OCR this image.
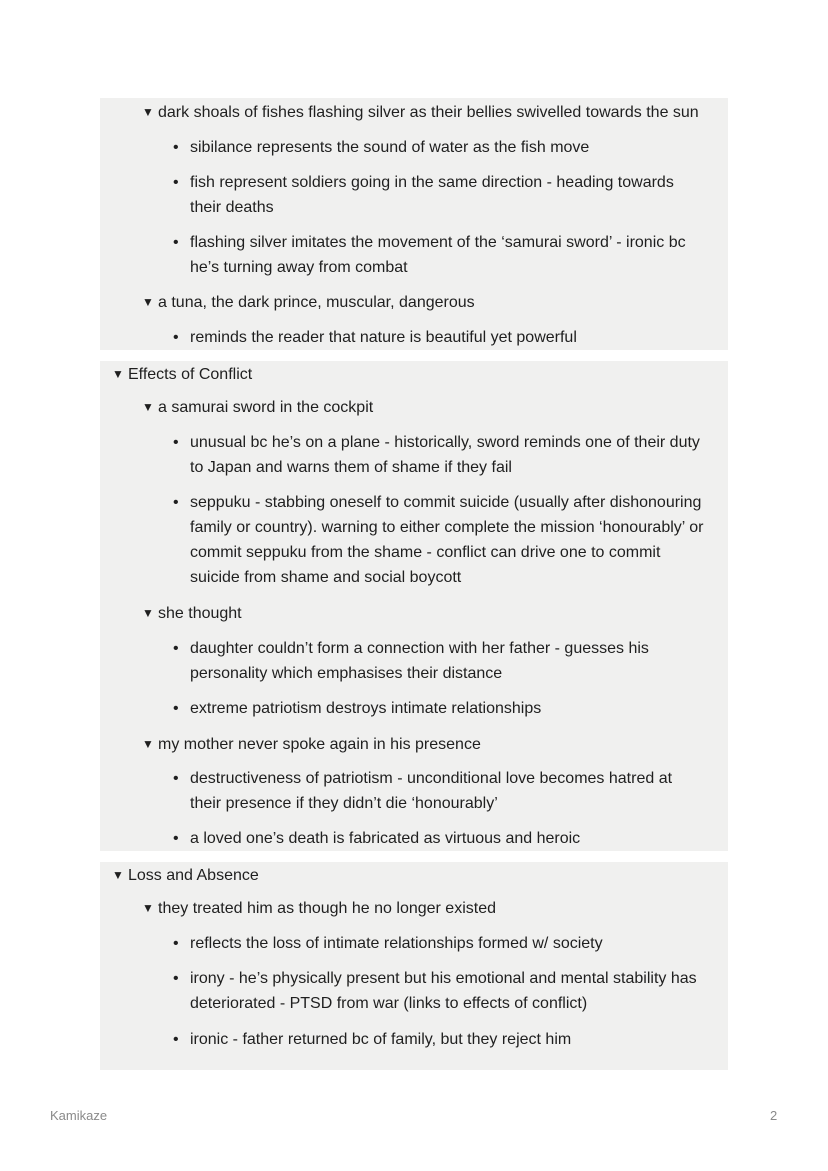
▼ dark shoals of fishes flashing silver as their bellies swivelled towards the sun
• sibilance represents the sound of water as the fish move
• fish represent soldiers going in the same direction - heading towards
their deaths
• flashing silver imitates the movement of the ‘samurai sword’ - ironic bc
he’s turning away from combat
▼ a tuna, the dark prince, muscular, dangerous
• reminds the reader that nature is beautiful yet powerful
▼ Effects of Conflict
▼ a samurai sword in the cockpit
• unusual bc he’s on a plane - historically, sword reminds one of their duty
to Japan and warns them of shame if they fail
• seppuku - stabbing oneself to commit suicide (usually after dishonouring
family or country). warning to either complete the mission ‘honourably’ or
commit seppuku from the shame - conflict can drive one to commit
suicide from shame and social boycott
▼ she thought
• daughter couldn’t form a connection with her father - guesses his
personality which emphasises their distance
• extreme patriotism destroys intimate relationships
▼ my mother never spoke again in his presence
• destructiveness of patriotism - unconditional love becomes hatred at
their presence if they didn’t die ‘honourably’
• a loved one’s death is fabricated as virtuous and heroic
▼ Loss and Absence
▼ they treated him as though he no longer existed
• reflects the loss of intimate relationships formed w/ society
• irony - he’s physically present but his emotional and mental stability has
deteriorated - PTSD from war (links to effects of conflict)
• ironic - father returned bc of family, but they reject him
Kamikaze	2
